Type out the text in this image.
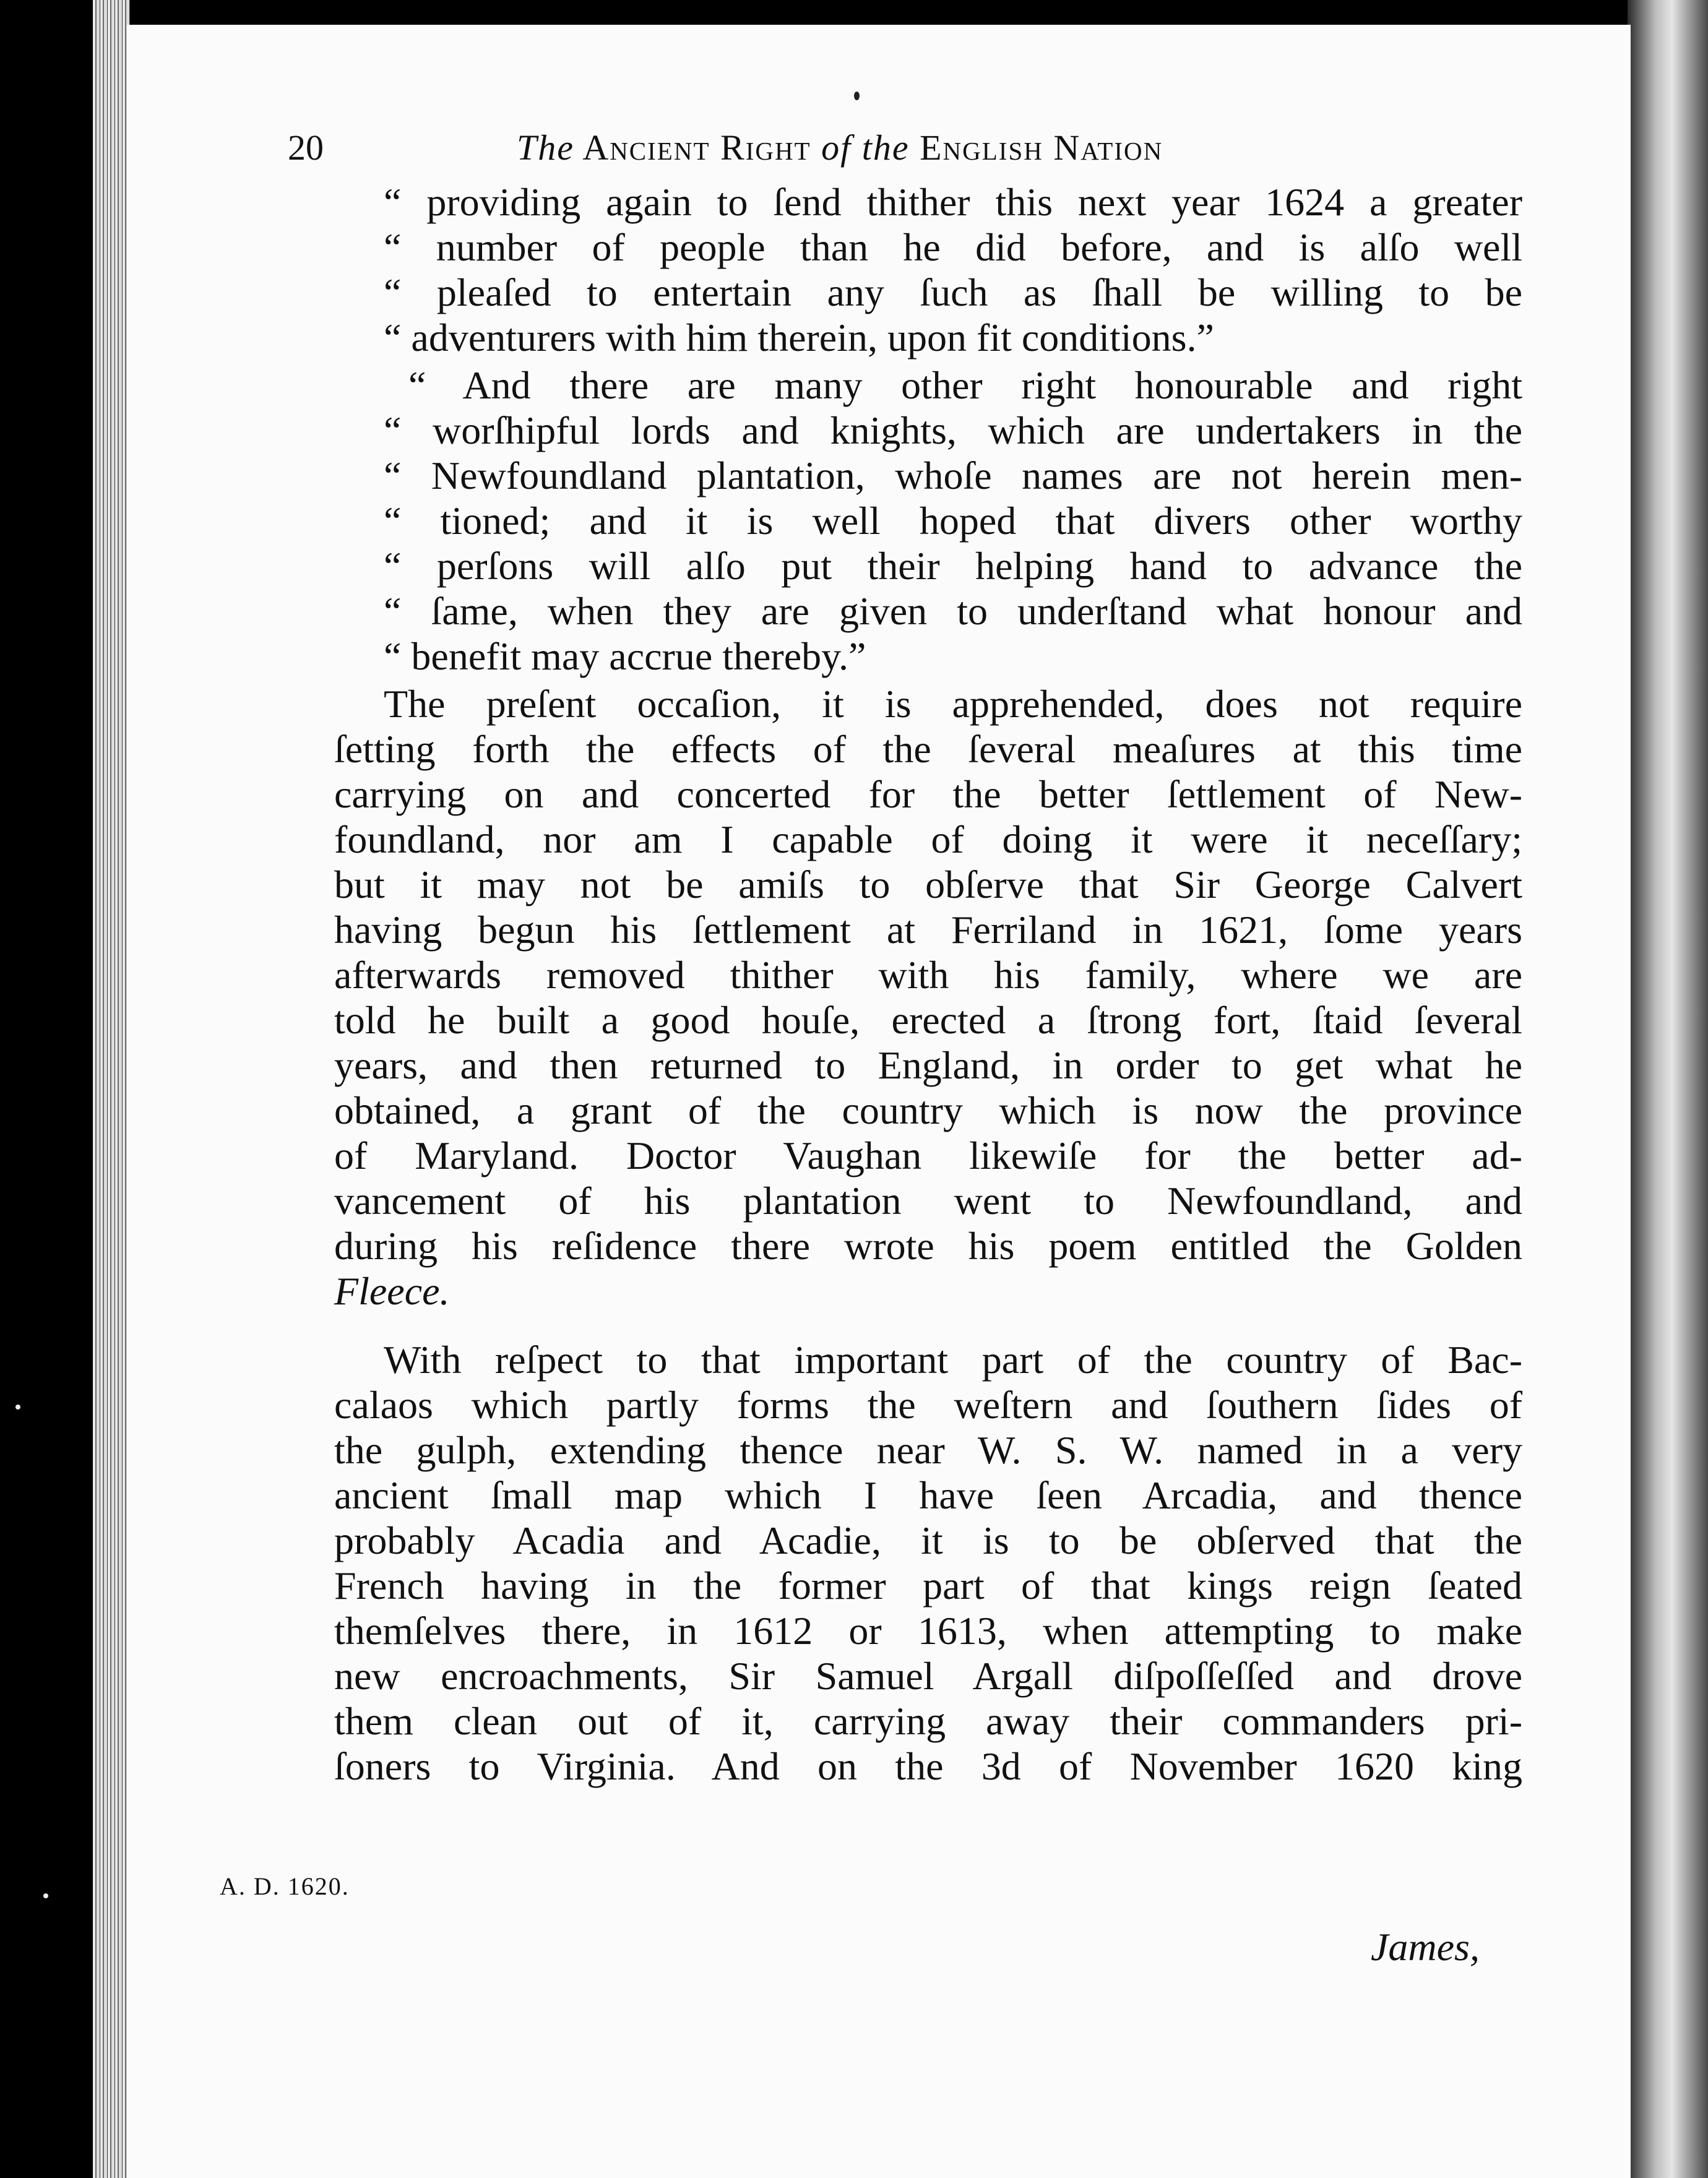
20	The Ancient Right of the English Nation
“ providing again to ſend thither this next year 1624 a greater
“ number of people than he did before, and is alſo well
“ pleaſed to entertain any ſuch as ſhall be willing to be
“ adventurers with him therein, upon fit conditions.”
“ And there are many other right honourable and right
“ worſhipful lords and knights, which are undertakers in the
“ Newfoundland plantation, whoſe names are not herein men-
“ tioned; and it is well hoped that divers other worthy
“ perſons will alſo put their helping hand to advance the
“ ſame, when they are given to underſtand what honour and
“ benefit may accrue thereby.”
The preſent occaſion, it is apprehended, does not require
ſetting forth the effects of the ſeveral meaſures at this time
carrying on and concerted for the better ſettlement of New-
foundland, nor am I capable of doing it were it neceſſary;
but it may not be amiſs to obſerve that Sir George Calvert
having begun his ſettlement at Ferriland in 1621, ſome years
afterwards removed thither with his family, where we are
told he built a good houſe, erected a ſtrong fort, ſtaid ſeveral
years, and then returned to England, in order to get what he
obtained, a grant of the country which is now the province
of Maryland. Doctor Vaughan likewiſe for the better ad-
vancement of his plantation went to Newfoundland, and
during his reſidence there wrote his poem entitled the Golden
Fleece.
With reſpect to that important part of the country of Bac-
calaos which partly forms the weſtern and ſouthern ſides of
the gulph, extending thence near W. S. W. named in a very
ancient ſmall map which I have ſeen Arcadia, and thence
probably Acadia and Acadie, it is to be obſerved that the
French having in the former part of that kings reign ſeated
themſelves there, in 1612 or 1613, when attempting to make
new encroachments, Sir Samuel Argall diſpoſſeſſed and drove
them clean out of it, carrying away their commanders pri-
ſoners to Virginia. And on the 3d of November 1620 king
A. D. 1620.
James,
